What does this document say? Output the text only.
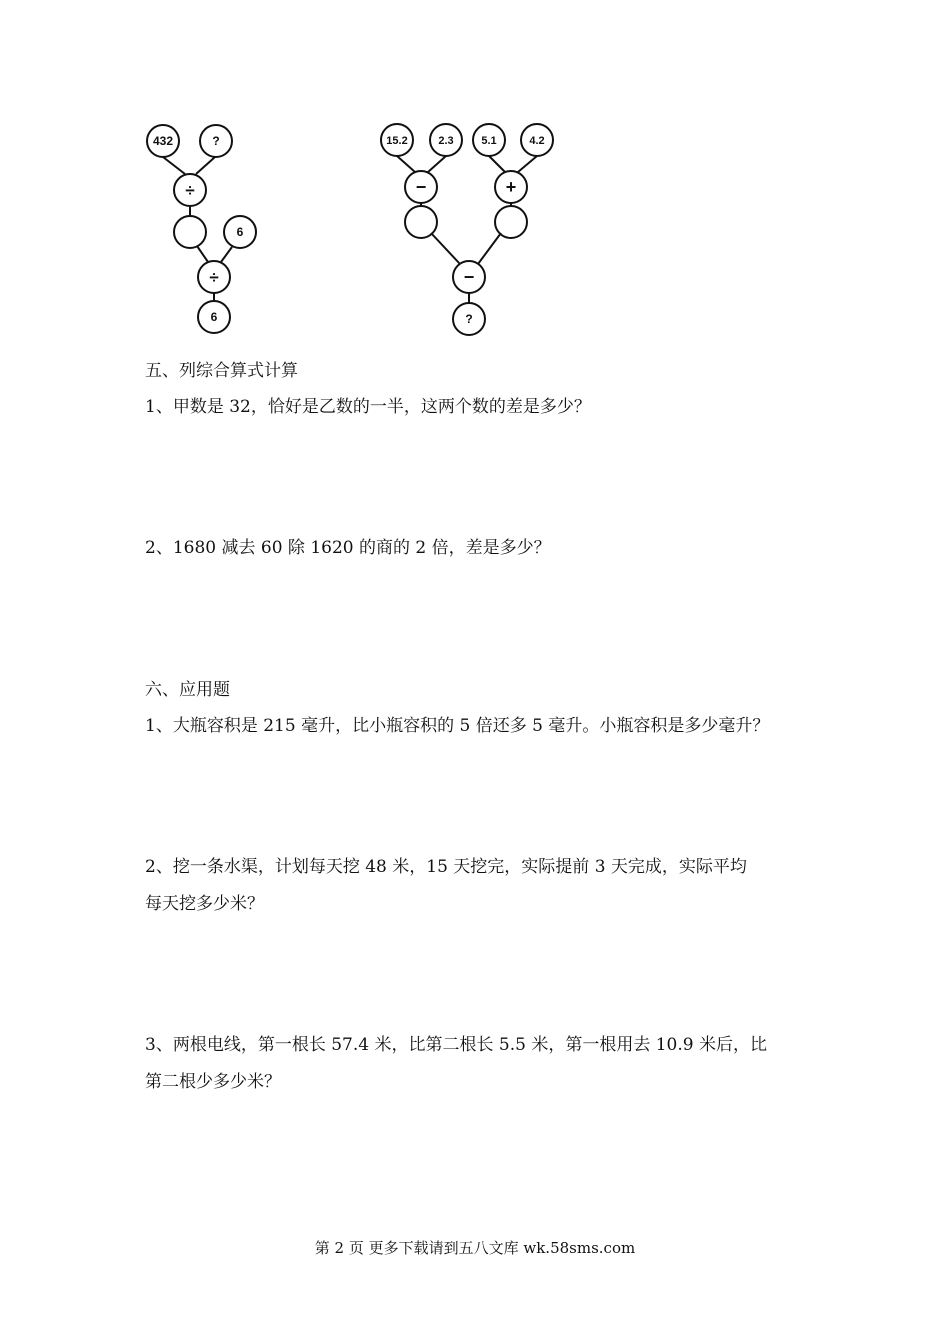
432	?
÷
6
÷
6
15.2	2.3	5.1	4.2
−	+
−
?
五、列综合算式计算
1、甲数是 32，恰好是乙数的一半，这两个数的差是多少？
2、1680 减去 60 除 1620 的商的 2 倍，差是多少？
六、应用题
1、大瓶容积是 215 毫升，比小瓶容积的 5 倍还多 5 毫升。小瓶容积是多少毫升？
2、挖一条水渠，计划每天挖 48 米，15 天挖完，实际提前 3 天完成，实际平均
每天挖多少米？
3、两根电线，第一根长 57.4 米，比第二根长 5.5 米，第一根用去 10.9 米后，比
第二根少多少米？
第 2 页 更多下载请到五八文库 wk.58sms.com
